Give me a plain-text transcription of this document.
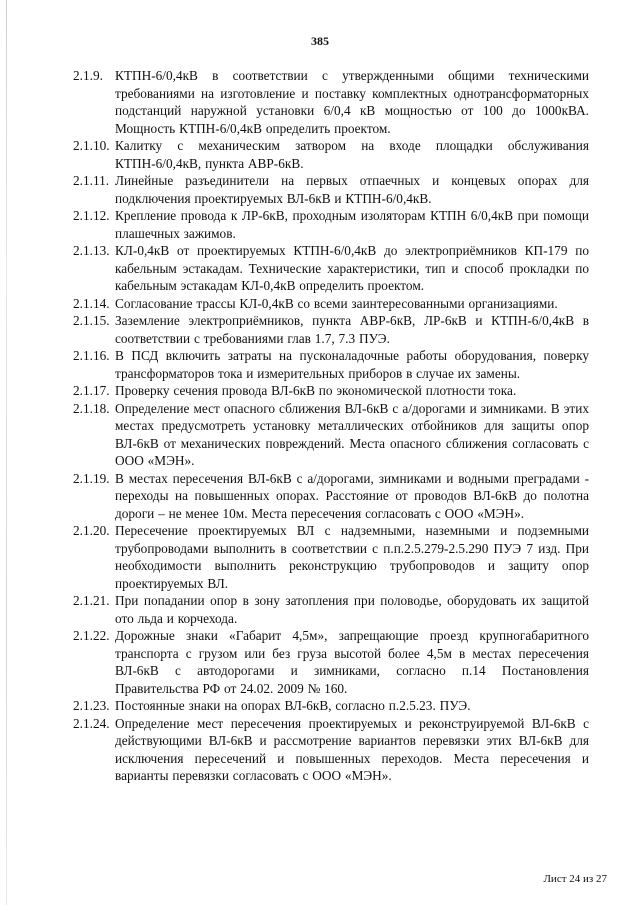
385
2.1.9. КТПН-6/0,4кВ в соответствии с утвержденными общими техническими требованиями на изготовление и поставку комплектных однотрансформаторных подстанций наружной установки 6/0,4 кВ мощностью от 100 до 1000кВА. Мощность КТПН-6/0,4кВ определить проектом.
2.1.10. Калитку с механическим затвором на входе площадки обслуживания КТПН-6/0,4кВ, пункта АВР-6кВ.
2.1.11. Линейные разъединители на первых отпаечных и концевых опорах для подключения проектируемых ВЛ-6кВ и КТПН-6/0,4кВ.
2.1.12. Крепление провода к ЛР-6кВ, проходным изоляторам КТПН 6/0,4кВ при помощи плашечных зажимов.
2.1.13. КЛ-0,4кВ от проектируемых КТПН-6/0,4кВ до электроприёмников КП-179 по кабельным эстакадам. Технические характеристики, тип и способ прокладки по кабельным эстакадам КЛ-0,4кВ определить проектом.
2.1.14. Согласование трассы КЛ-0,4кВ со всеми заинтересованными организациями.
2.1.15. Заземление электроприёмников, пункта АВР-6кВ, ЛР-6кВ и КТПН-6/0,4кВ в соответствии с требованиями глав 1.7, 7.3 ПУЭ.
2.1.16. В ПСД включить затраты на пусконаладочные работы оборудования, поверку трансформаторов тока и измерительных приборов в случае их замены.
2.1.17. Проверку сечения провода ВЛ-6кВ по экономической плотности тока.
2.1.18. Определение мест опасного сближения ВЛ-6кВ с а/дорогами и зимниками. В этих местах предусмотреть установку металлических отбойников для защиты опор ВЛ-6кВ от механических повреждений. Места опасного сближения согласовать с ООО «МЭН».
2.1.19. В местах пересечения ВЛ-6кВ с а/дорогами, зимниками и водными преградами - переходы на повышенных опорах. Расстояние от проводов ВЛ-6кВ до полотна дороги – не менее 10м. Места пересечения согласовать с ООО «МЭН».
2.1.20. Пересечение проектируемых ВЛ с надземными, наземными и подземными трубопроводами выполнить в соответствии с п.п.2.5.279-2.5.290 ПУЭ 7 изд. При необходимости выполнить реконструкцию трубопроводов и защиту опор проектируемых ВЛ.
2.1.21. При попадании опор в зону затопления при половодье, оборудовать их защитой ото льда и корчехода.
2.1.22. Дорожные знаки «Габарит 4,5м», запрещающие проезд крупногабаритного транспорта с грузом или без груза высотой более 4,5м в местах пересечения ВЛ-6кВ с автодорогами и зимниками, согласно п.14 Постановления Правительства РФ от 24.02. 2009 № 160.
2.1.23. Постоянные знаки на опорах ВЛ-6кВ, согласно п.2.5.23. ПУЭ.
2.1.24. Определение мест пересечения проектируемых и реконструируемой ВЛ-6кВ с действующими ВЛ-6кВ и рассмотрение вариантов перевязки этих ВЛ-6кВ для исключения пересечений и повышенных переходов. Места пересечения и варианты перевязки согласовать с ООО «МЭН».
Лист 24 из 27
